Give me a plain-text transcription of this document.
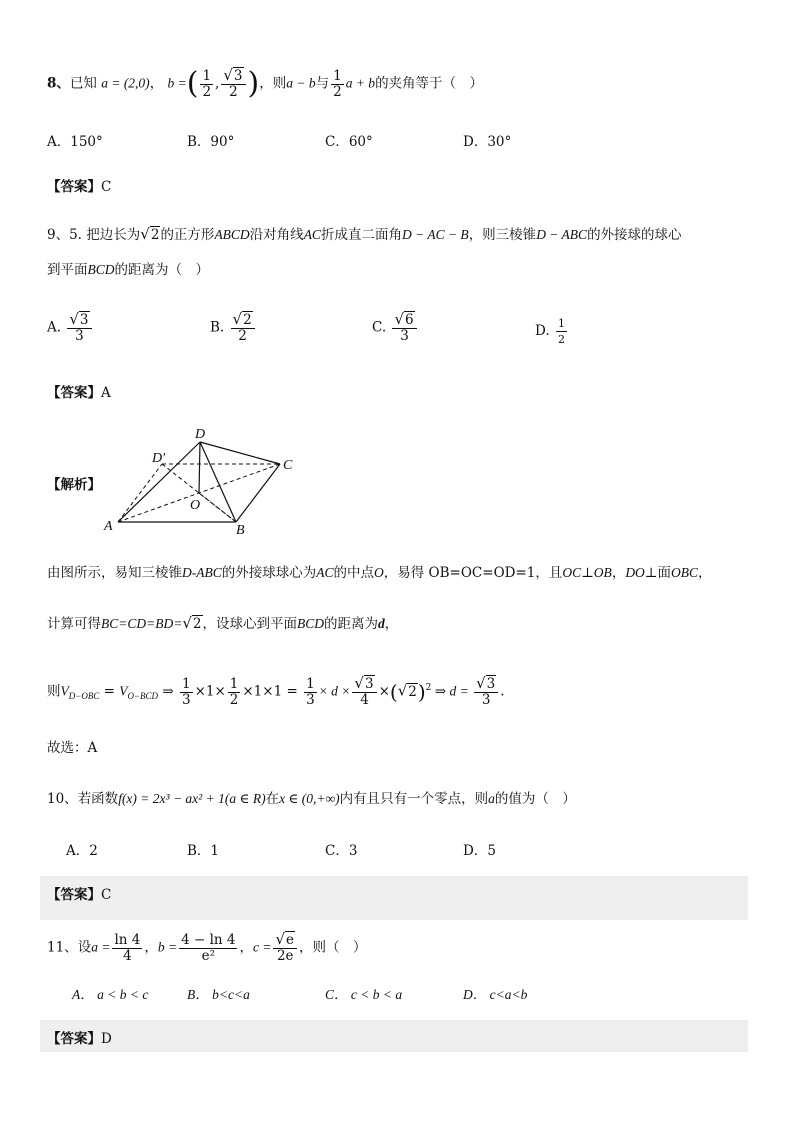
8、已知 a = (2,0)， b =( $\frac{1}{2}$ , $\frac{√3}{2}$ )，则a − b与 $\frac{1}{2}$ a + b的夹角等于（　）
A．150°	B．90°	C．60°	D．30°
【答案】C
9、5. 把边长为√2的正方形ABCD沿对角线AC折成直二面角D − AC − B，则三棱锥D − ABC的外接球的球心
到平面BCD的距离为（　）
A. $\frac{√3}{3}$	B. $\frac{√2}{2}$	C. $\frac{√6}{3}$	D. $\frac{1}{2}$
【答案】A
【解析】
D
D′	C
O
A	B
由图所示，易知三棱锥D-ABC的外接球球心为AC的中点O，易得 OB=OC=OD=1，且OC⊥OB，DO⊥面OBC，
计算可得BC=CD=BD=√2，设球心到平面BCD的距离为d，
则$V_{D-OBC} = V_{O-BCD}$ ⇒ $\frac{1}{3} \times 1\times \frac{1}{2} \times 1\times 1 = \frac{1}{3} \times d \times \frac{√3}{4} \times(√2)^2$ ⇒ $d = \frac{√3}{3}$ .
故选：A
10、若函数f(x) = 2x³ − ax² + 1(a ∈ R)在x ∈ (0,+∞)内有且只有一个零点，则a的值为（　）
A．2	B．1	C．3	D．5
【答案】C
11、设$a = \frac{\ln 4}{4}$ ，$b = \frac{4 - \ln 4}{\text{e²}}$ ，$c = \frac{√e}{2e}$ ，则（　）
A． a < b < c	B． b<c<a	C． c < b < a	D． c<a<b
【答案】D
